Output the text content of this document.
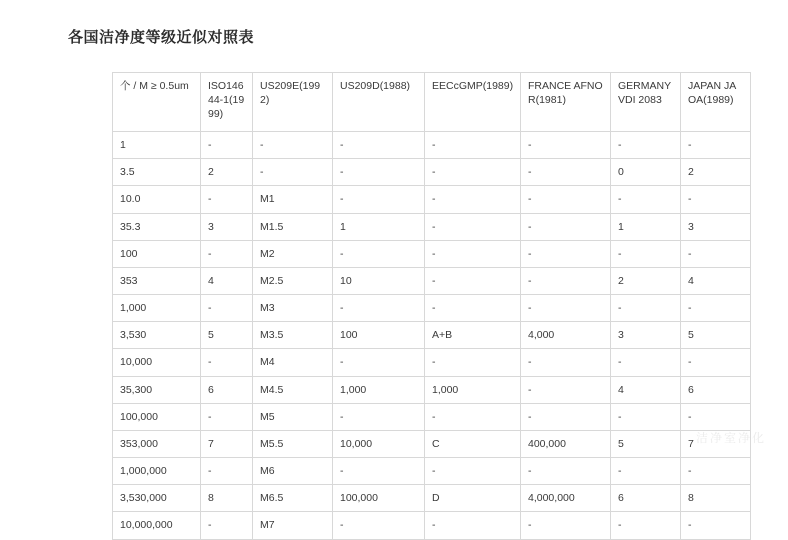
各国洁净度等级近似对照表
个 / M ≥ 0.5um	ISO14644-1(1999)	US209E(1992)	US209D(1988)	EECcGMP(1989)	FRANCE AFNOR(1981)	GERMANY VDI 2083	JAPAN JAOA(1989)
1	-	-	-	-	-	-	-
3.5	2	-	-	-	-	0	2
10.0	-	M1	-	-	-	-	-
35.3	3	M1.5	1	-	-	1	3
100	-	M2	-	-	-	-	-
353	4	M2.5	10	-	-	2	4
1,000	-	M3	-	-	-	-	-
3,530	5	M3.5	100	A+B	4,000	3	5
10,000	-	M4	-	-	-	-	-
35,300	6	M4.5	1,000	1,000	-	4	6
100,000	-	M5	-	-	-	-	-
353,000	7	M5.5	10,000	C	400,000	5	7
1,000,000	-	M6	-	-	-	-	-
3,530,000	8	M6.5	100,000	D	4,000,000	6	8
10,000,000	-	M7	-	-	-	-	-
洁净室净化
